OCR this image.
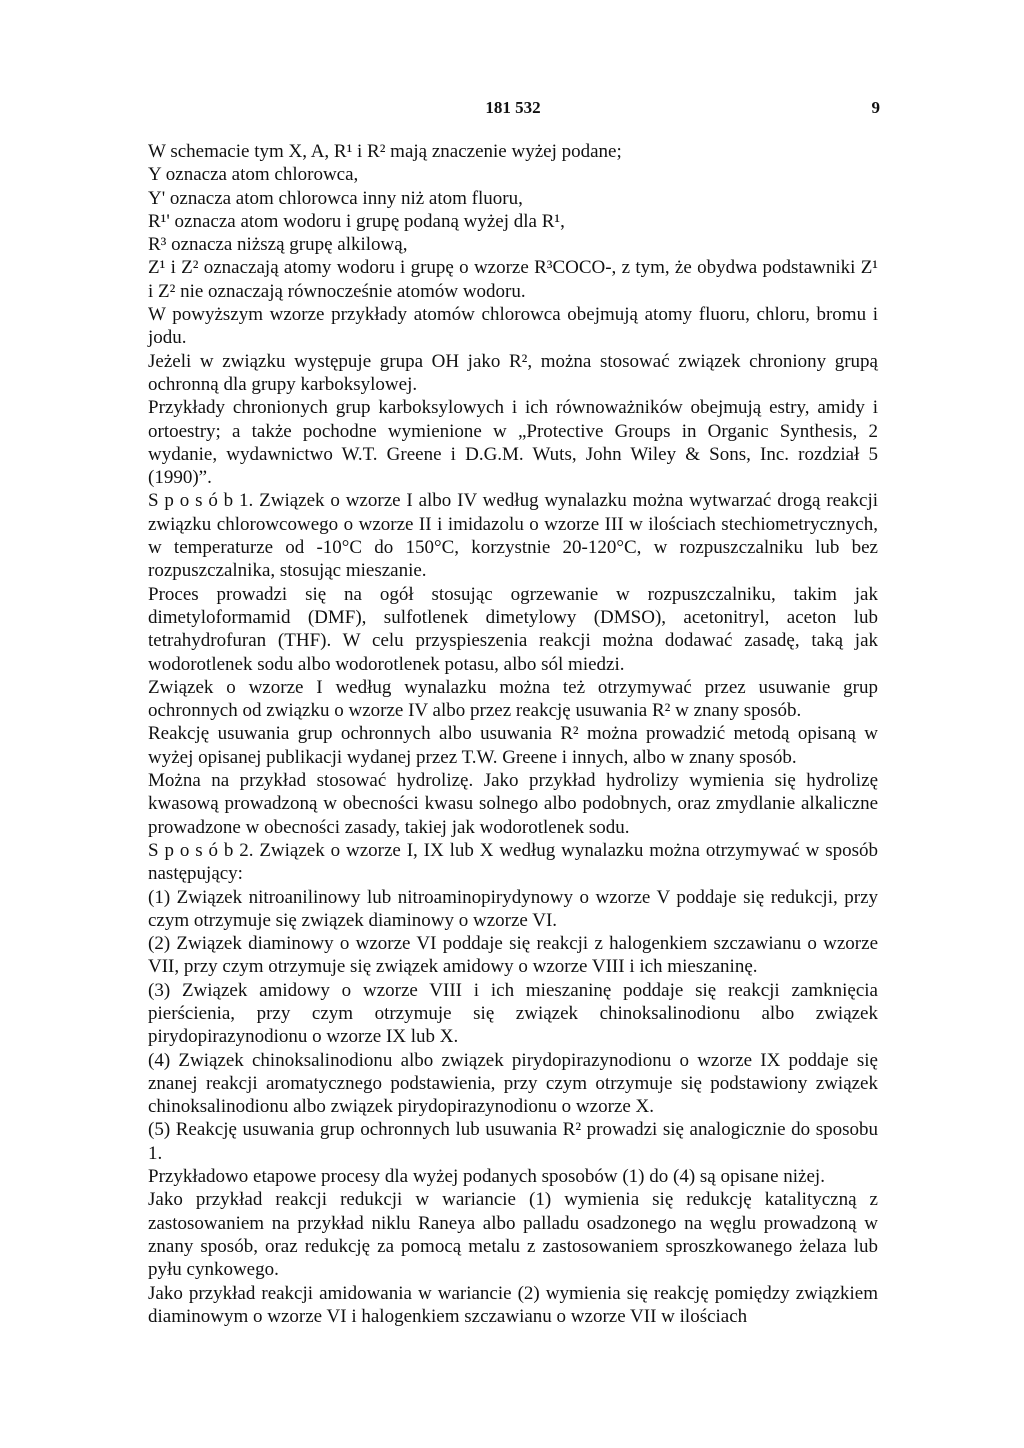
181 532	9

W schemacie tym X, A, R¹ i R² mają znaczenie wyżej podane;

Y oznacza atom chlorowca,

Y' oznacza atom chlorowca inny niż atom fluoru,

R¹' oznacza atom wodoru i grupę podaną wyżej dla R¹,

R³ oznacza niższą grupę alkilową,

Z¹ i Z² oznaczają atomy wodoru i grupę o wzorze R³COCO-, z tym, że obydwa podstawniki Z¹ i Z² nie oznaczają równocześnie atomów wodoru.

W powyższym wzorze przykłady atomów chlorowca obejmują atomy fluoru, chloru, bromu i jodu.

Jeżeli w związku występuje grupa OH jako R², można stosować związek chroniony grupą ochronną dla grupy karboksylowej.

Przykłady chronionych grup karboksylowych i ich równoważników obejmują estry, amidy i ortoestry; a także pochodne wymienione w „Protective Groups in Organic Synthesis, 2 wydanie, wydawnictwo W.T. Greene i D.G.M. Wuts, John Wiley & Sons, Inc. rozdział 5 (1990)”.

S p o s ó b 1. Związek o wzorze I albo IV według wynalazku można wytwarzać drogą reakcji związku chlorowcowego o wzorze II i imidazolu o wzorze III w ilościach stechiometrycznych, w temperaturze od -10°C do 150°C, korzystnie 20-120°C, w rozpuszczalniku lub bez rozpuszczalnika, stosując mieszanie.

Proces prowadzi się na ogół stosując ogrzewanie w rozpuszczalniku, takim jak dimetyloformamid (DMF), sulfotlenek dimetylowy (DMSO), acetonitryl, aceton lub tetrahydrofuran (THF). W celu przyspieszenia reakcji można dodawać zasadę, taką jak wodorotlenek sodu albo wodorotlenek potasu, albo sól miedzi.

Związek o wzorze I według wynalazku można też otrzymywać przez usuwanie grup ochronnych od związku o wzorze IV albo przez reakcję usuwania R² w znany sposób.

Reakcję usuwania grup ochronnych albo usuwania R² można prowadzić metodą opisaną w wyżej opisanej publikacji wydanej przez T.W. Greene i innych, albo w znany sposób.

Można na przykład stosować hydrolizę. Jako przykład hydrolizy wymienia się hydrolizę kwasową prowadzoną w obecności kwasu solnego albo podobnych, oraz zmydlanie alkaliczne prowadzone w obecności zasady, takiej jak wodorotlenek sodu.

S p o s ó b 2. Związek o wzorze I, IX lub X według wynalazku można otrzymywać w sposób następujący:

(1) Związek nitroanilinowy lub nitroaminopirydynowy o wzorze V poddaje się redukcji, przy czym otrzymuje się związek diaminowy o wzorze VI.

(2) Związek diaminowy o wzorze VI poddaje się reakcji z halogenkiem szczawianu o wzorze VII, przy czym otrzymuje się związek amidowy o wzorze VIII i ich mieszaninę.

(3) Związek amidowy o wzorze VIII i ich mieszaninę poddaje się reakcji zamknięcia pierścienia, przy czym otrzymuje się związek chinoksalinodionu albo związek pirydopirazynodionu o wzorze IX lub X.

(4) Związek chinoksalinodionu albo związek pirydopirazynodionu o wzorze IX poddaje się znanej reakcji aromatycznego podstawienia, przy czym otrzymuje się podstawiony związek chinoksalinodionu albo związek pirydopirazynodionu o wzorze X.

(5) Reakcję usuwania grup ochronnych lub usuwania R² prowadzi się analogicznie do sposobu 1.

Przykładowo etapowe procesy dla wyżej podanych sposobów (1) do (4) są opisane niżej.

Jako przykład reakcji redukcji w wariancie (1) wymienia się redukcję katalityczną z zastosowaniem na przykład niklu Raneya albo palladu osadzonego na węglu prowadzoną w znany sposób, oraz redukcję za pomocą metalu z zastosowaniem sproszkowanego żelaza lub pyłu cynkowego.

Jako przykład reakcji amidowania w wariancie (2) wymienia się reakcję pomiędzy związkiem diaminowym o wzorze VI i halogenkiem szczawianu o wzorze VII w ilościach
